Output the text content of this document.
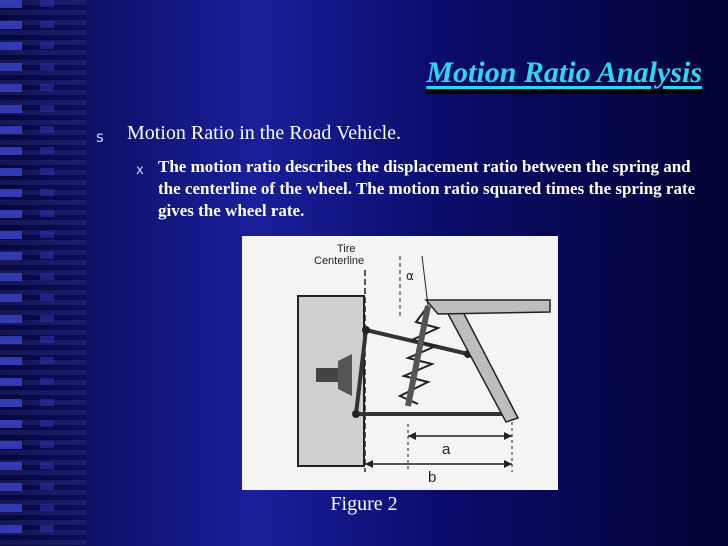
Motion Ratio Analysis
s Motion Ratio in the Road Vehicle.
x The motion ratio describes the displacement ratio between the spring and the centerline of the wheel. The motion ratio squared times the spring rate gives the wheel rate.
Tire
Centerline
α
a
b
Figure 2
